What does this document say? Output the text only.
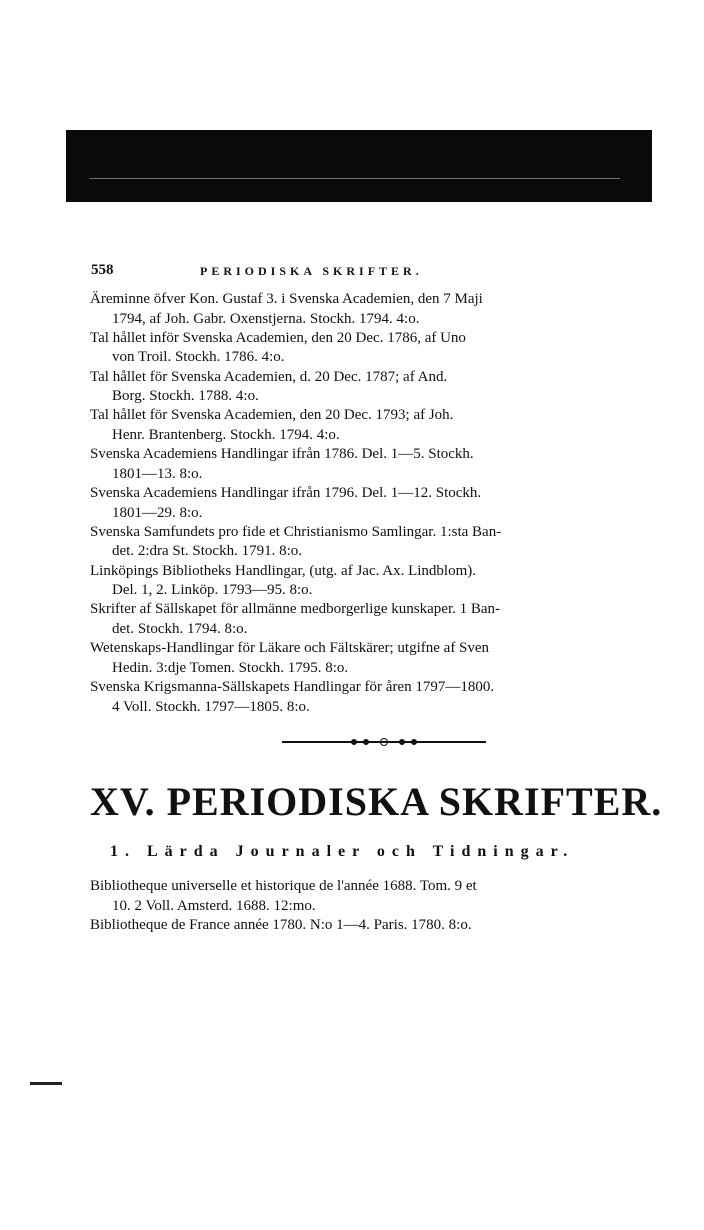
558	PERIODISKA SKRIFTER.
Äreminne öfver Kon. Gustaf 3. i Svenska Academien, den 7 Maji
1794, af Joh. Gabr. Oxenstjerna. Stockh. 1794. 4:o.
Tal hållet inför Svenska Academien, den 20 Dec. 1786, af Uno
von Troil. Stockh. 1786. 4:o.
Tal hållet för Svenska Academien, d. 20 Dec. 1787; af And.
Borg. Stockh. 1788. 4:o.
Tal hållet för Svenska Academien, den 20 Dec. 1793; af Joh.
Henr. Brantenberg. Stockh. 1794. 4:o.
Svenska Academiens Handlingar ifrån 1786. Del. 1—5. Stockh.
1801—13. 8:o.
Svenska Academiens Handlingar ifrån 1796. Del. 1—12. Stockh.
1801—29. 8:o.
Svenska Samfundets pro fide et Christianismo Samlingar. 1:sta Ban-
det. 2:dra St. Stockh. 1791. 8:o.
Linköpings Bibliotheks Handlingar, (utg. af Jac. Ax. Lindblom).
Del. 1, 2. Linköp. 1793—95. 8:o.
Skrifter af Sällskapet för allmänne medborgerlige kunskaper. 1 Ban-
det. Stockh. 1794. 8:o.
Wetenskaps-Handlingar för Läkare och Fältskärer; utgifne af Sven
Hedin. 3:dje Tomen. Stockh. 1795. 8:o.
Svenska Krigsmanna-Sällskapets Handlingar för åren 1797—1800.
4 Voll. Stockh. 1797—1805. 8:o.
XV. PERIODISKA SKRIFTER.
1. Lärda Journaler och Tidningar.
Bibliotheque universelle et historique de l'année 1688. Tom. 9 et
10. 2 Voll. Amsterd. 1688. 12:mo.
Bibliotheque de France année 1780. N:o 1—4. Paris. 1780. 8:o.
